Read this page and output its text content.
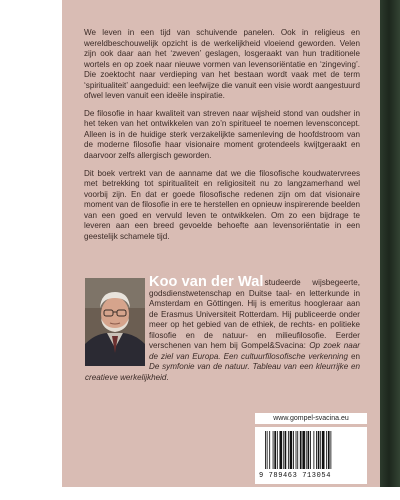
We leven in een tijd van schuivende panelen. Ook in religieus en wereldbeschouwelijk opzicht is de werkelijkheid vloeiend geworden. Velen zijn ook daar aan het ‘zweven’ geslagen, losgeraakt van hun traditionele wortels en op zoek naar nieuwe vormen van levensoriëntatie en ‘zingeving’. Die zoektocht naar verdieping van het bestaan wordt vaak met de term ‘spiritualiteit’ aangeduid: een leefwijze die vanuit een visie wordt aangestuurd ofwel leven vanuit een ideële inspiratie.

De filosofie in haar kwaliteit van streven naar wijsheid stond van oudsher in het teken van het ontwikkelen van zo’n spiritueel te noemen levensconcept. Alleen is in de huidige sterk verzakelijkte samenleving de hoofdstroom van de moderne filosofie haar visionaire moment grotendeels kwijtgeraakt en daarvoor zelfs allergisch geworden.

Dit boek vertrekt van de aanname dat we die filosofische koudwatervrees met betrekking tot spiritualiteit en religiositeit nu zo langzamerhand wel voorbij zijn. En dat er goede filosofische redenen zijn om dat visionaire moment van de filosofie in ere te herstellen en opnieuw inspirerende beelden van een goed en vervuld leven te ontwikkelen. Om zo een bijdrage te leveren aan een breed gevoelde behoefte aan levensoriëntatie in een geestelijk schamele tijd.

studeerde wijsbegeerte, godsdienstwetenschap en Duitse taal- en letterkunde in Amsterdam en Göttingen. Hij is emeritus hoogleraar aan de Erasmus Universiteit Rotterdam. Hij publiceerde onder meer op het gebied van de ethiek, de rechts- en politieke filosofie en de natuur- en milieufilosofie. Eerder verschenen van hem bij Gompel&Svacina: Op zoek naar de ziel van Europa. Een cultuurfilosofische verkenning en De symfonie van de natuur. Tableau van een kleurrijke en creatieve werkelijkheid.
Koo van der Wal
www.gompel-svacina.eu
9 789463 713054
